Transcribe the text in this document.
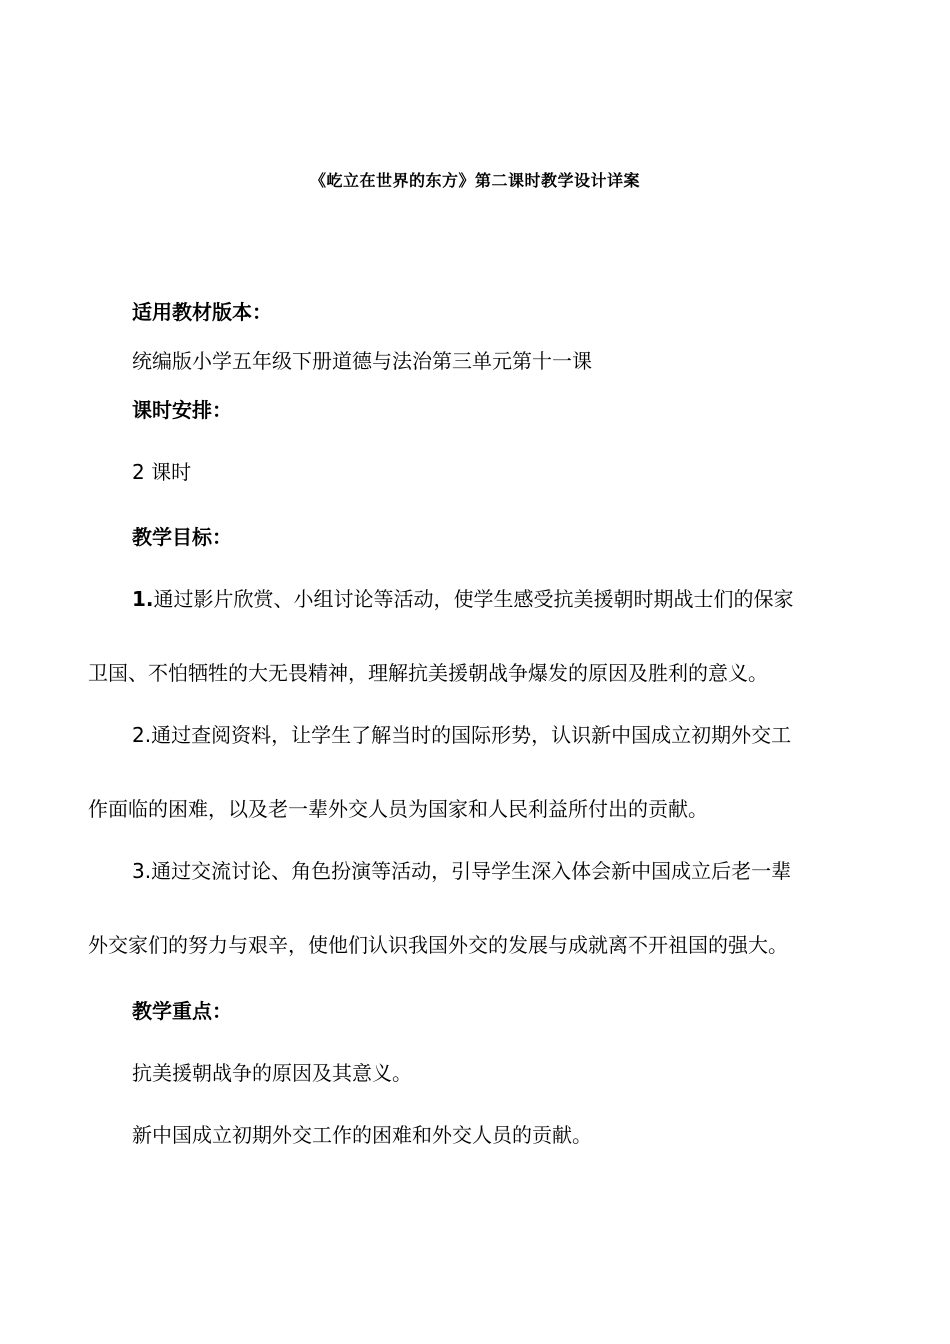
《屹立在世界的东方》第二课时教学设计详案
适用教材版本：
统编版小学五年级下册道德与法治第三单元第十一课
课时安排：
2 课时
教学目标：
1.通过影片欣赏、小组讨论等活动，使学生感受抗美援朝时期战士们的保家
卫国、不怕牺牲的大无畏精神，理解抗美援朝战争爆发的原因及胜利的意义。
2.通过查阅资料，让学生了解当时的国际形势，认识新中国成立初期外交工
作面临的困难，以及老一辈外交人员为国家和人民利益所付出的贡献。
3.通过交流讨论、角色扮演等活动，引导学生深入体会新中国成立后老一辈
外交家们的努力与艰辛，使他们认识我国外交的发展与成就离不开祖国的强大。
教学重点：
抗美援朝战争的原因及其意义。
新中国成立初期外交工作的困难和外交人员的贡献。
